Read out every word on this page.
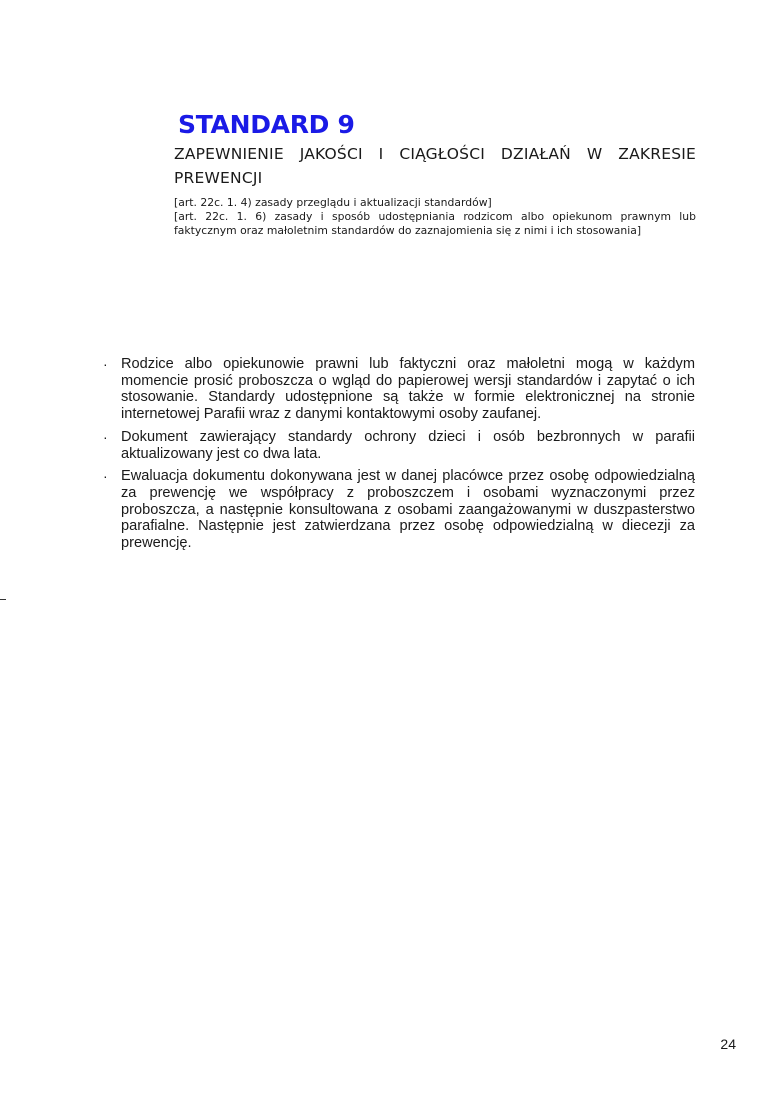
STANDARD 9

ZAPEWNIENIE JAKOŚCI I CIĄGŁOŚCI DZIAŁAŃ W ZAKRESIE PREWENCJI

[art. 22c. 1. 4) zasady przeglądu i aktualizacji standardów]

[art. 22c. 1. 6) zasady i sposób udostępniania rodzicom albo opiekunom prawnym lub faktycznym oraz małoletnim standardów do zaznajomienia się z nimi i ich stosowania]

· Rodzice albo opiekunowie prawni lub faktyczni oraz małoletni mogą w każdym momencie prosić proboszcza o wgląd do papierowej wersji standardów i zapytać o ich stosowanie. Standardy udostępnione są także w formie elektronicznej na stronie internetowej Parafii wraz z danymi kontaktowymi osoby zaufanej.
· Dokument zawierający standardy ochrony dzieci i osób bezbronnych w parafii aktualizowany jest co dwa lata.
· Ewaluacja dokumentu dokonywana jest w danej placówce przez osobę odpowiedzialną za prewencję we współpracy z proboszczem i osobami wyznaczonymi przez proboszcza, a następnie konsultowana z osobami zaangażowanymi w duszpasterstwo parafialne. Następnie jest zatwierdzana przez osobę odpowiedzialną w diecezji za prewencję.
24
